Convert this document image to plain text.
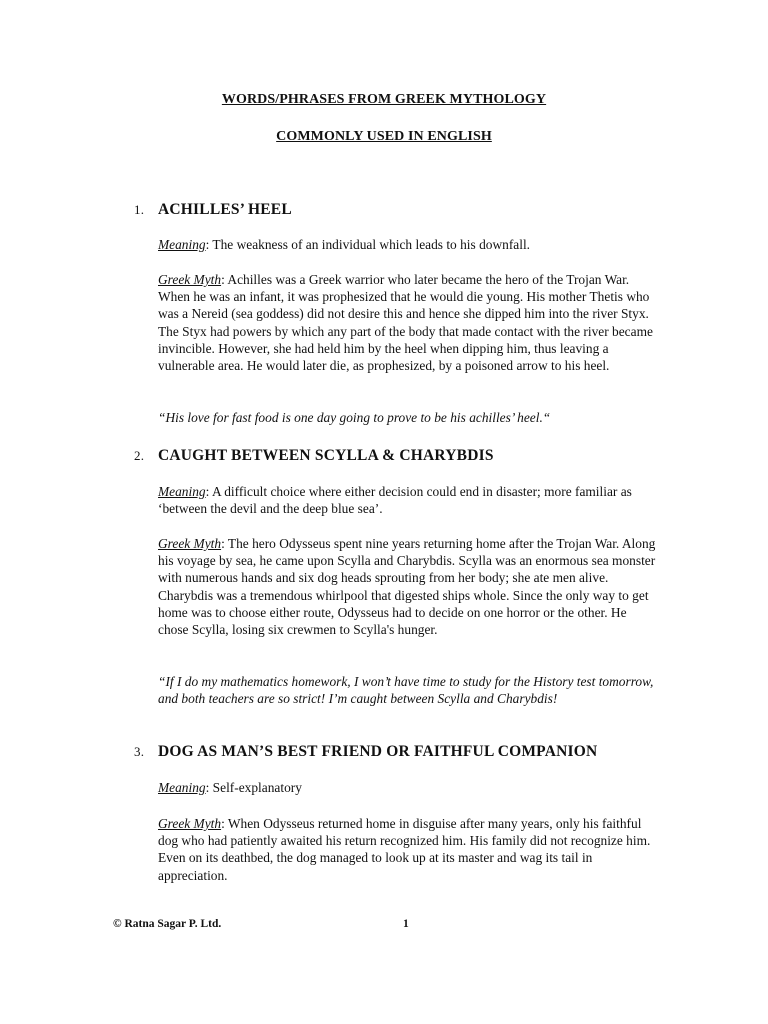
WORDS/PHRASES FROM GREEK MYTHOLOGY
COMMONLY USED IN ENGLISH
1. ACHILLES’ HEEL

Meaning: The weakness of an individual which leads to his downfall.

Greek Myth: Achilles was a Greek warrior who later became the hero of the Trojan War. When he was an infant, it was prophesized that he would die young. His mother Thetis who was a Nereid (sea goddess) did not desire this and hence she dipped him into the river Styx. The Styx had powers by which any part of the body that made contact with the river became invincible. However, she had held him by the heel when dipping him, thus leaving a vulnerable area. He would later die, as prophesized, by a poisoned arrow to his heel.

“His love for fast food is one day going to prove to be his achilles’ heel.“

2. CAUGHT BETWEEN SCYLLA & CHARYBDIS

Meaning: A difficult choice where either decision could end in disaster; more familiar as ‘between the devil and the deep blue sea’.

Greek Myth: The hero Odysseus spent nine years returning home after the Trojan War. Along his voyage by sea, he came upon Scylla and Charybdis. Scylla was an enormous sea monster with numerous hands and six dog heads sprouting from her body; she ate men alive. Charybdis was a tremendous whirlpool that digested ships whole. Since the only way to get home was to choose either route, Odysseus had to decide on one horror or the other. He chose Scylla, losing six crewmen to Scylla's hunger.

“If I do my mathematics homework, I won’t have time to study for the History test tomorrow, and both teachers are so strict! I’m caught between Scylla and Charybdis!

3. DOG AS MAN’S BEST FRIEND OR FAITHFUL COMPANION

Meaning: Self-explanatory

Greek Myth: When Odysseus returned home in disguise after many years, only his faithful dog who had patiently awaited his return recognized him. His family did not recognize him. Even on its deathbed, the dog managed to look up at its master and wag its tail in appreciation.

© Ratna Sagar P. Ltd.	1
